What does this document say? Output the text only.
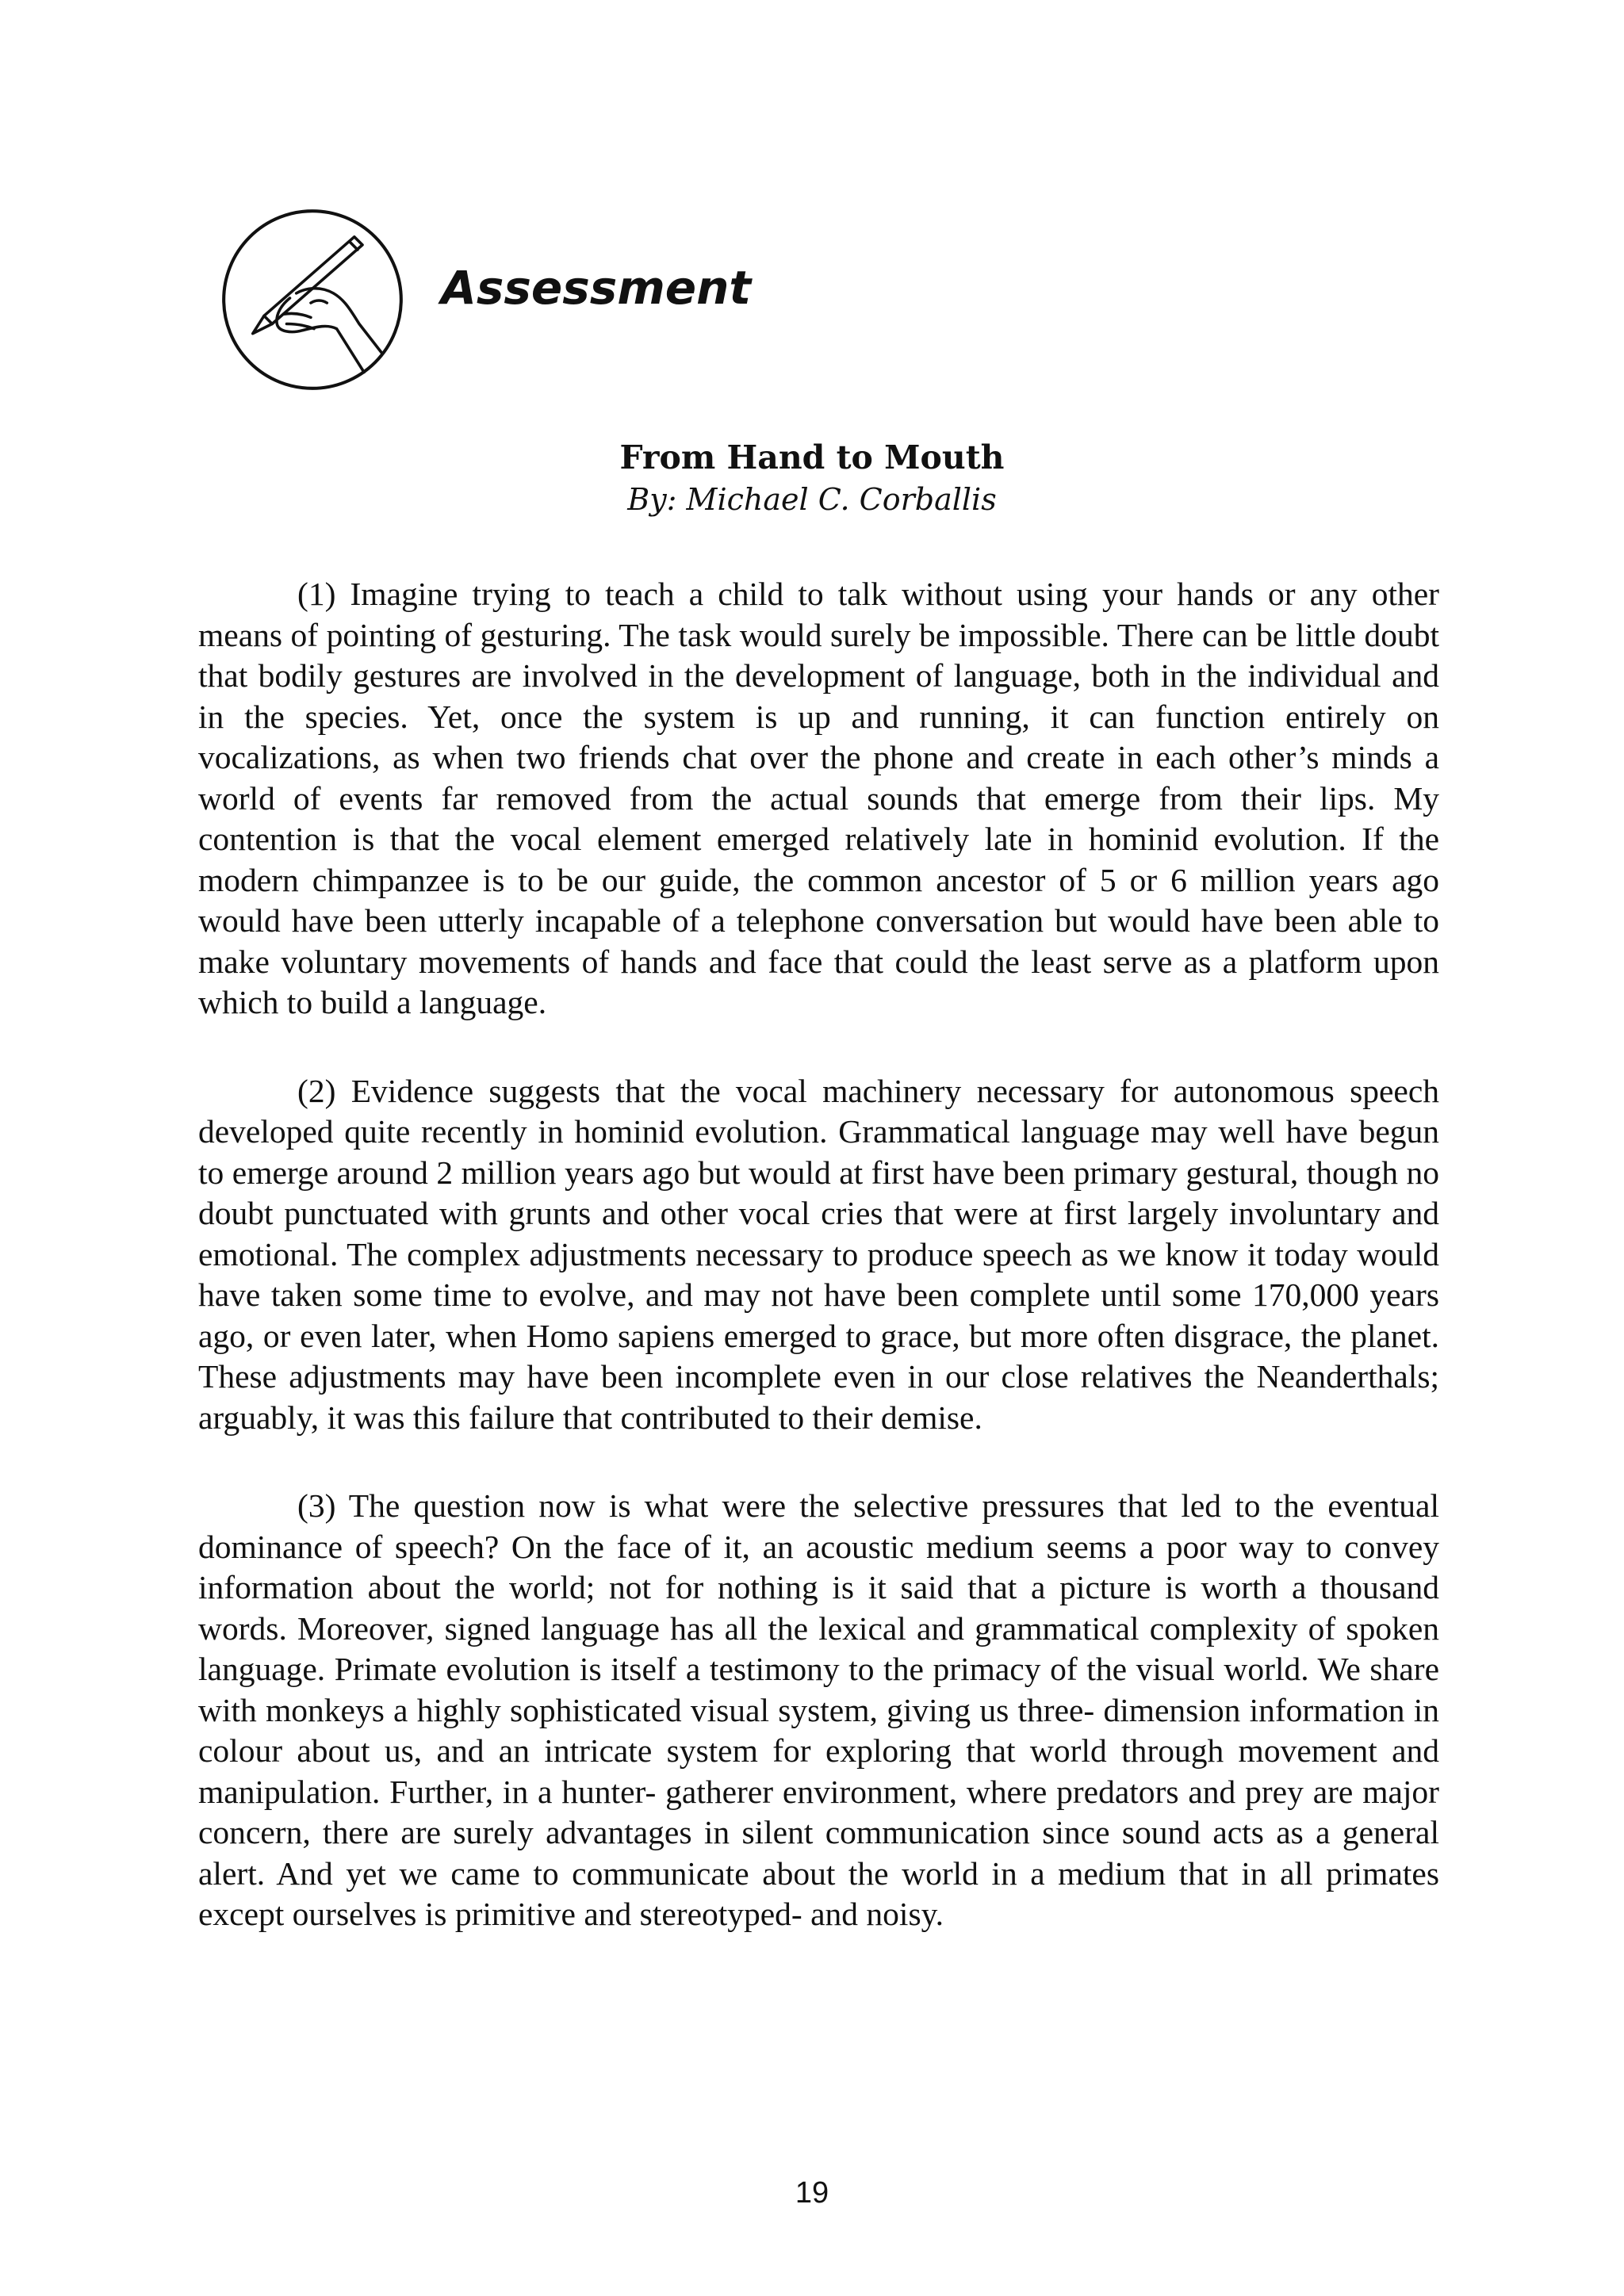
Assessment
From Hand to Mouth

By: Michael C. Corballis

(1) Imagine trying to teach a child to talk without using your hands or any other means of pointing of gesturing. The task would surely be impossible. There can be little doubt that bodily gestures are involved in the development of language, both in the individual and in the species. Yet, once the system is up and running, it can function entirely on vocalizations, as when two friends chat over the phone and create in each other’s minds a world of events far removed from the actual sounds that emerge from their lips. My contention is that the vocal element emerged relatively late in hominid evolution. If the modern chimpanzee is to be our guide, the common ancestor of 5 or 6 million years ago would have been utterly incapable of a telephone conversation but would have been able to make voluntary movements of hands and face that could the least serve as a platform upon which to build a language.

(2) Evidence suggests that the vocal machinery necessary for autonomous speech developed quite recently in hominid evolution. Grammatical language may well have begun to emerge around 2 million years ago but would at first have been primary gestural, though no doubt punctuated with grunts and other vocal cries that were at first largely involuntary and emotional. The complex adjustments necessary to produce speech as we know it today would have taken some time to evolve, and may not have been complete until some 170,000 years ago, or even later, when Homo sapiens emerged to grace, but more often disgrace, the planet. These adjustments may have been incomplete even in our close relatives the Neanderthals; arguably, it was this failure that contributed to their demise.

(3) The question now is what were the selective pressures that led to the eventual dominance of speech? On the face of it, an acoustic medium seems a poor way to convey information about the world; not for nothing is it said that a picture is worth a thousand words. Moreover, signed language has all the lexical and grammatical complexity of spoken language. Primate evolution is itself a testimony to the primacy of the visual world. We share with monkeys a highly sophisticated visual system, giving us three- dimension information in colour about us, and an intricate system for exploring that world through movement and manipulation. Further, in a hunter- gatherer environment, where predators and prey are major concern, there are surely advantages in silent communication since sound acts as a general alert. And yet we came to communicate about the world in a medium that in all primates except ourselves is primitive and stereotyped- and noisy.

19
